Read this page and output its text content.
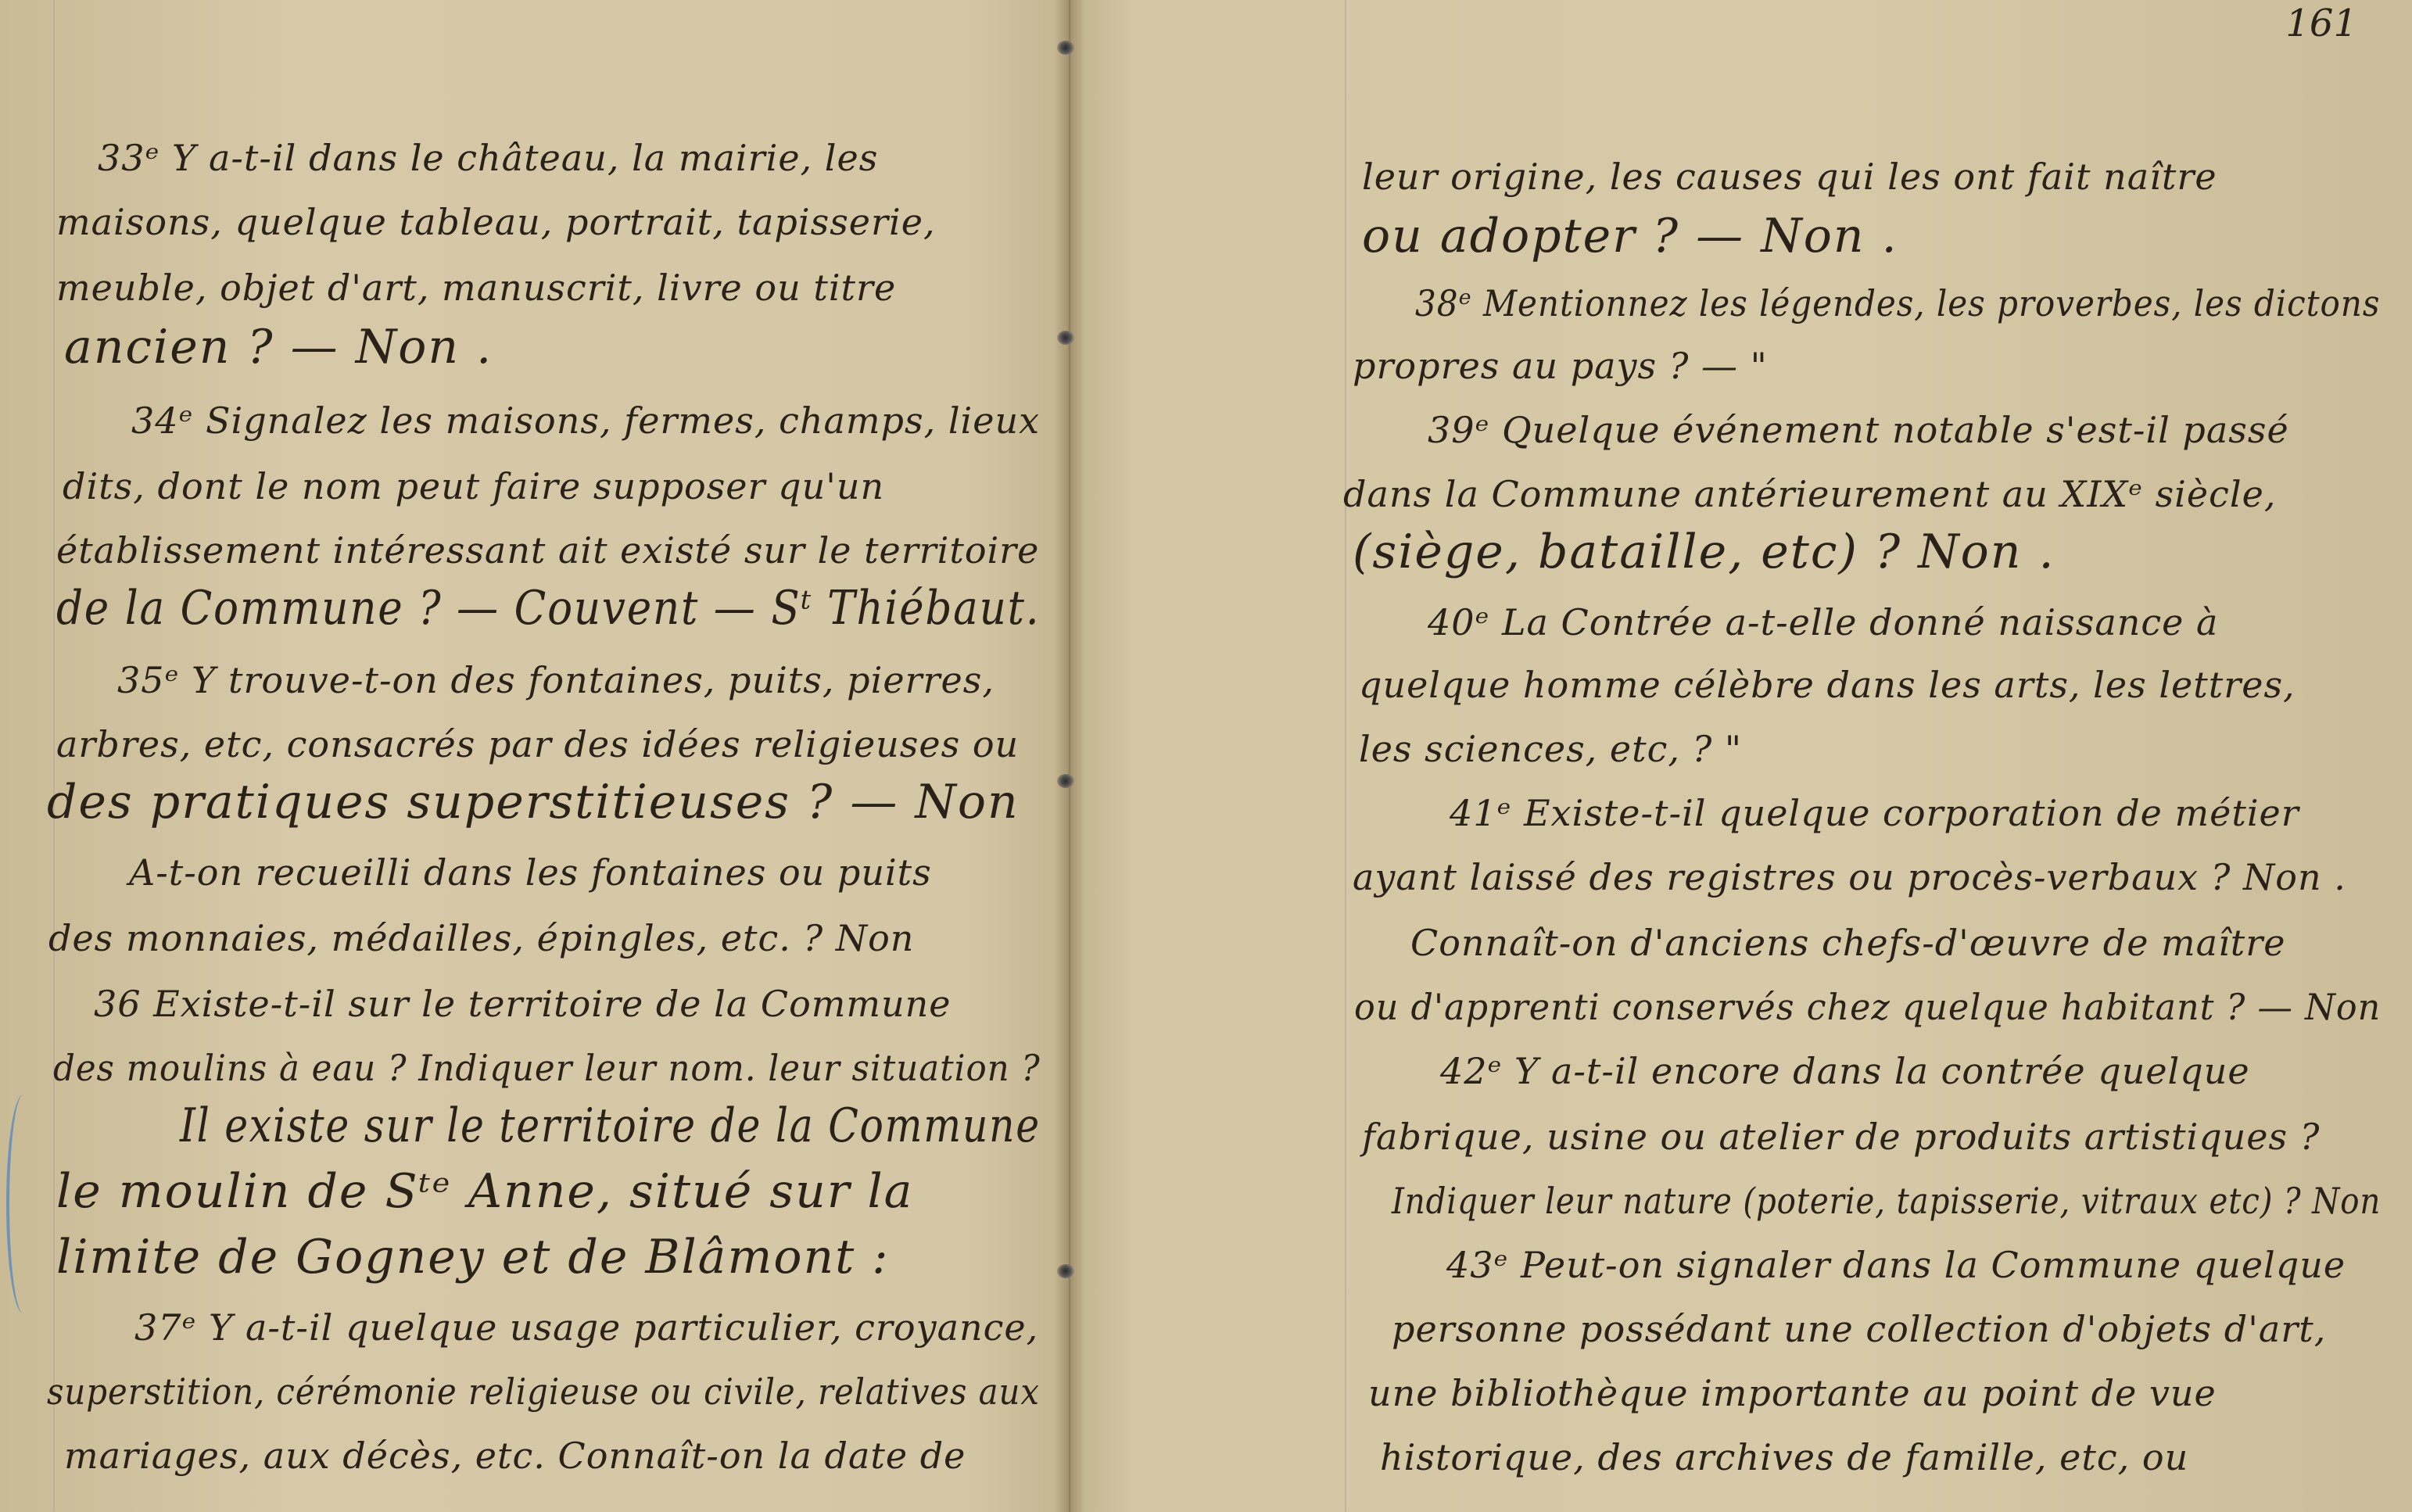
33ᵉ Y a-t-il dans le château, la mairie, les
maisons, quelque tableau, portrait, tapisserie,
meuble, objet d'art, manuscrit, livre ou titre
ancien ? — Non .
34ᵉ Signalez les maisons, fermes, champs, lieux
dits, dont le nom peut faire supposer qu'un
établissement intéressant ait existé sur le territoire
de la Commune ? — Couvent — Sᵗ Thiébaut.
35ᵉ Y trouve-t-on des fontaines, puits, pierres,
arbres, etc, consacrés par des idées religieuses ou
des pratiques superstitieuses ? — Non
A-t-on recueilli dans les fontaines ou puits
des monnaies, médailles, épingles, etc. ? Non
36 Existe-t-il sur le territoire de la Commune
des moulins à eau ? Indiquer leur nom. leur situation ?
Il existe sur le territoire de la Commune
le moulin de Sᵗᵉ Anne, situé sur la
limite de Gogney et de Blâmont :
37ᵉ Y a-t-il quelque usage particulier, croyance,
superstition, cérémonie religieuse ou civile, relatives aux
mariages, aux décès, etc. Connaît-on la date de
161
leur origine, les causes qui les ont fait naître
ou adopter ? — Non .
38ᵉ Mentionnez les légendes, les proverbes, les dictons
propres au pays ? — "
39ᵉ Quelque événement notable s'est-il passé
dans la Commune antérieurement au XIXᵉ siècle,
(siège, bataille, etc) ? Non .
40ᵉ La Contrée a-t-elle donné naissance à
quelque homme célèbre dans les arts, les lettres,
les sciences, etc, ? "
41ᵉ Existe-t-il quelque corporation de métier
ayant laissé des registres ou procès-verbaux ? Non .
Connaît-on d'anciens chefs-d'œuvre de maître
ou d'apprenti conservés chez quelque habitant ? — Non
42ᵉ Y a-t-il encore dans la contrée quelque
fabrique, usine ou atelier de produits artistiques ?
Indiquer leur nature (poterie, tapisserie, vitraux etc) ? Non
43ᵉ Peut-on signaler dans la Commune quelque
personne possédant une collection d'objets d'art,
une bibliothèque importante au point de vue
historique, des archives de famille, etc, ou
